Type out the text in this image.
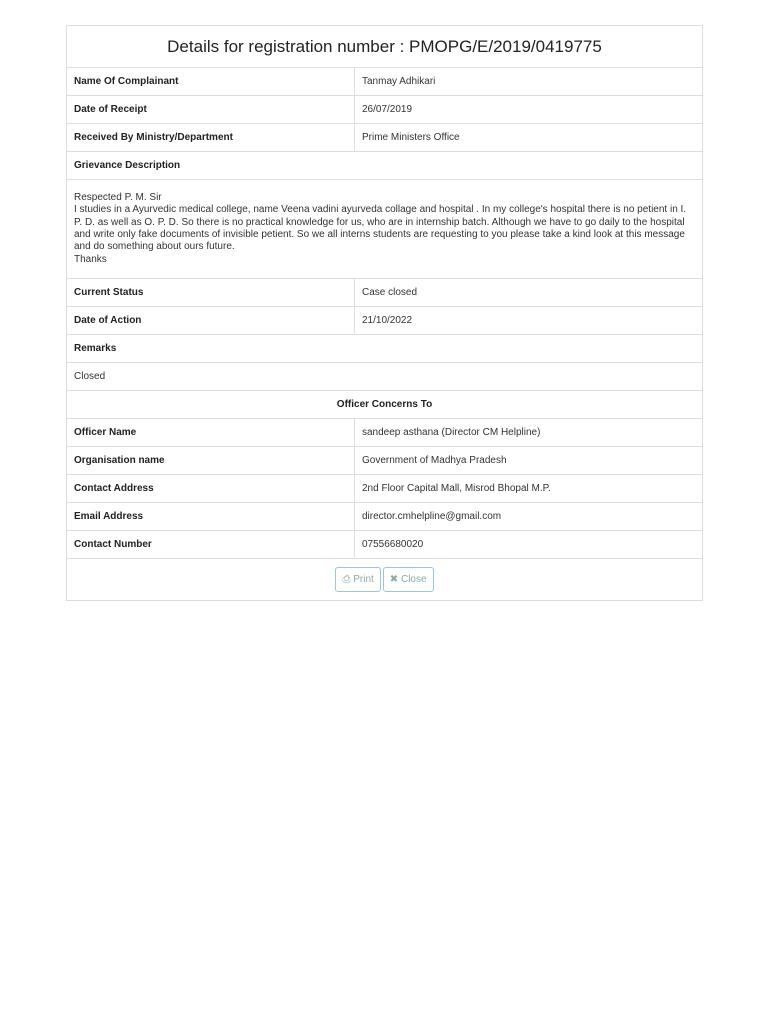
Details for registration number : PMOPG/E/2019/0419775	
Name Of Complainant	Tanmay Adhikari
Date of Receipt	26/07/2019
Received By Ministry/Department	Prime Ministers Office
Grievance Description	

Respected P. M. Sir
I studies in a Ayurvedic medical college, name Veena vadini ayurveda collage and hospital . In my college's hospital there is no petient in I. P. D. as well as O. P. D. So there is no practical knowledge for us, who are in internship batch. Although we have to go daily to the hospital and write only fake documents of invisible petient. So we all interns students are requesting to you please take a kind look at this message and do something about ours future.
Thanks	

Current Status	Case closed
Date of Action	21/10/2022
Remarks	
Closed	
Officer Concerns To	
Officer Name	sandeep asthana (Director CM Helpline)
Organisation name	Government of Madhya Pradesh
Contact Address	2nd Floor Capital Mall, Misrod Bhopal M.P.
Email Address	director.cmhelpline@gmail.com
Contact Number	07556680020
⎙ Print ✖ Close	
